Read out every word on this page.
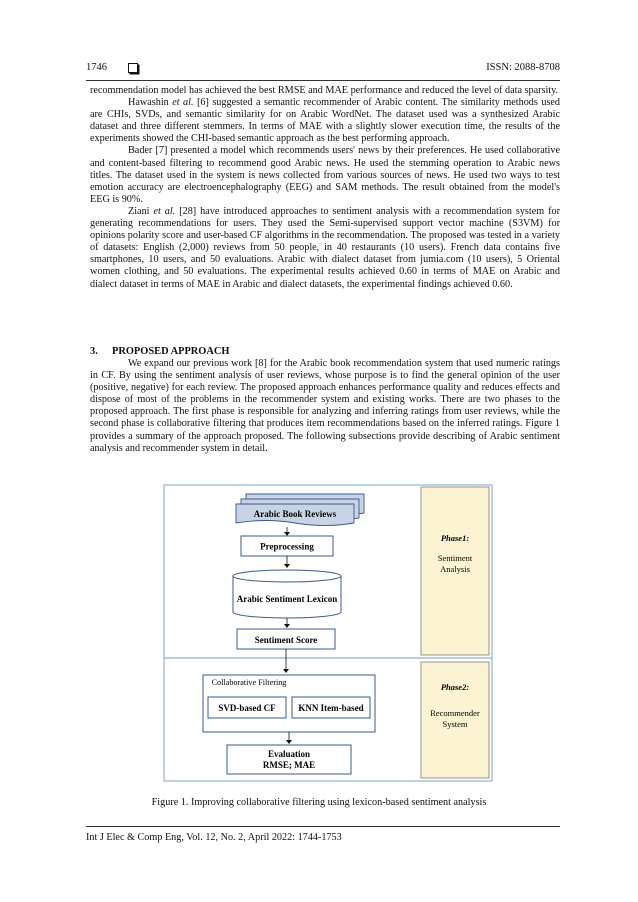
1746	ISSN: 2088-8708

recommendation model has achieved the best RMSE and MAE performance and reduced the level of data sparsity.

Hawashin et al. [6] suggested a semantic recommender of Arabic content. The similarity methods used are CHIs, SVDs, and semantic similarity for on Arabic WordNet. The dataset used was a synthesized Arabic dataset and three different stemmers. In terms of MAE with a slightly slower execution time, the results of the experiments showed the CHI-based semantic approach as the best performing approach.

Bader [7] presented a model which recommends users' news by their preferences. He used collaborative and content-based filtering to recommend good Arabic news. He used the stemming operation to Arabic news titles. The dataset used in the system is news collected from various sources of news. He used two ways to test emotion accuracy are electroencephalography (EEG) and SAM methods. The result obtained from the model's EEG is 90%.

Ziani et al. [28] have introduced approaches to sentiment analysis with a recommendation system for generating recommendations for users. They used the Semi-supervised support vector machine (S3VM) for opinions polarity score and user-based CF algorithms in the recommendation. The proposed was tested in a variety of datasets: English (2,000) reviews from 50 people, in 40 restaurants (10 users). French data contains five smartphones, 10 users, and 50 evaluations. Arabic with dialect dataset from jumia.com (10 users), 5 Oriental women clothing, and 50 evaluations. The experimental results achieved 0.60 in terms of MAE on Arabic and dialect dataset in terms of MAE in Arabic and dialect datasets, the experimental findings achieved 0.60.

3. PROPOSED APPROACH

We expand our previous work [8] for the Arabic book recommendation system that used numeric ratings in CF. By using the sentiment analysis of user reviews, whose purpose is to find the general opinion of the user (positive, negative) for each review. The proposed approach enhances performance quality and reduces effects and dispose of most of the problems in the recommender system and existing works. There are two phases to the proposed approach. The first phase is responsible for analyzing and inferring ratings from user reviews, while the second phase is collaborative filtering that produces item recommendations based on the inferred ratings. Figure 1 provides a summary of the approach proposed. The following subsections provide describing of Arabic sentiment analysis and recommender system in detail.

Phase1:
Sentiment
Analysis
Phase2:
Recommender
System
Arabic Book Reviews
Preprocessing
Arabic Sentiment Lexicon
Sentiment Score
Collaborative Filtering
SVD-based CF	KNN Item-based
Evaluation
RMSE; MAE
Figure 1. Improving collaborative filtering using lexicon-based sentiment analysis
Int J Elec & Comp Eng, Vol. 12, No. 2, April 2022: 1744-1753
